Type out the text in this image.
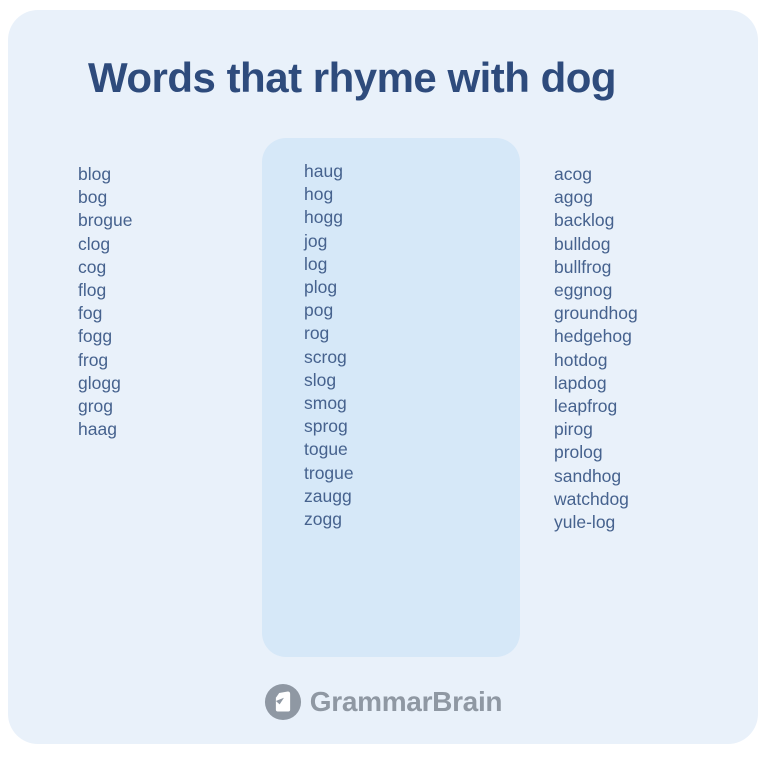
Words that rhyme with dog
blog
bog
brogue
clog
cog
flog
fog
fogg
frog
glogg
grog
haag
haug
hog
hogg
jog
log
plog
pog
rog
scrog
slog
smog
sprog
togue
trogue
zaugg
zogg
acog
agog
backlog
bulldog
bullfrog
eggnog
groundhog
hedgehog
hotdog
lapdog
leapfrog
pirog
prolog
sandhog
watchdog
yule-log
GrammarBrain
